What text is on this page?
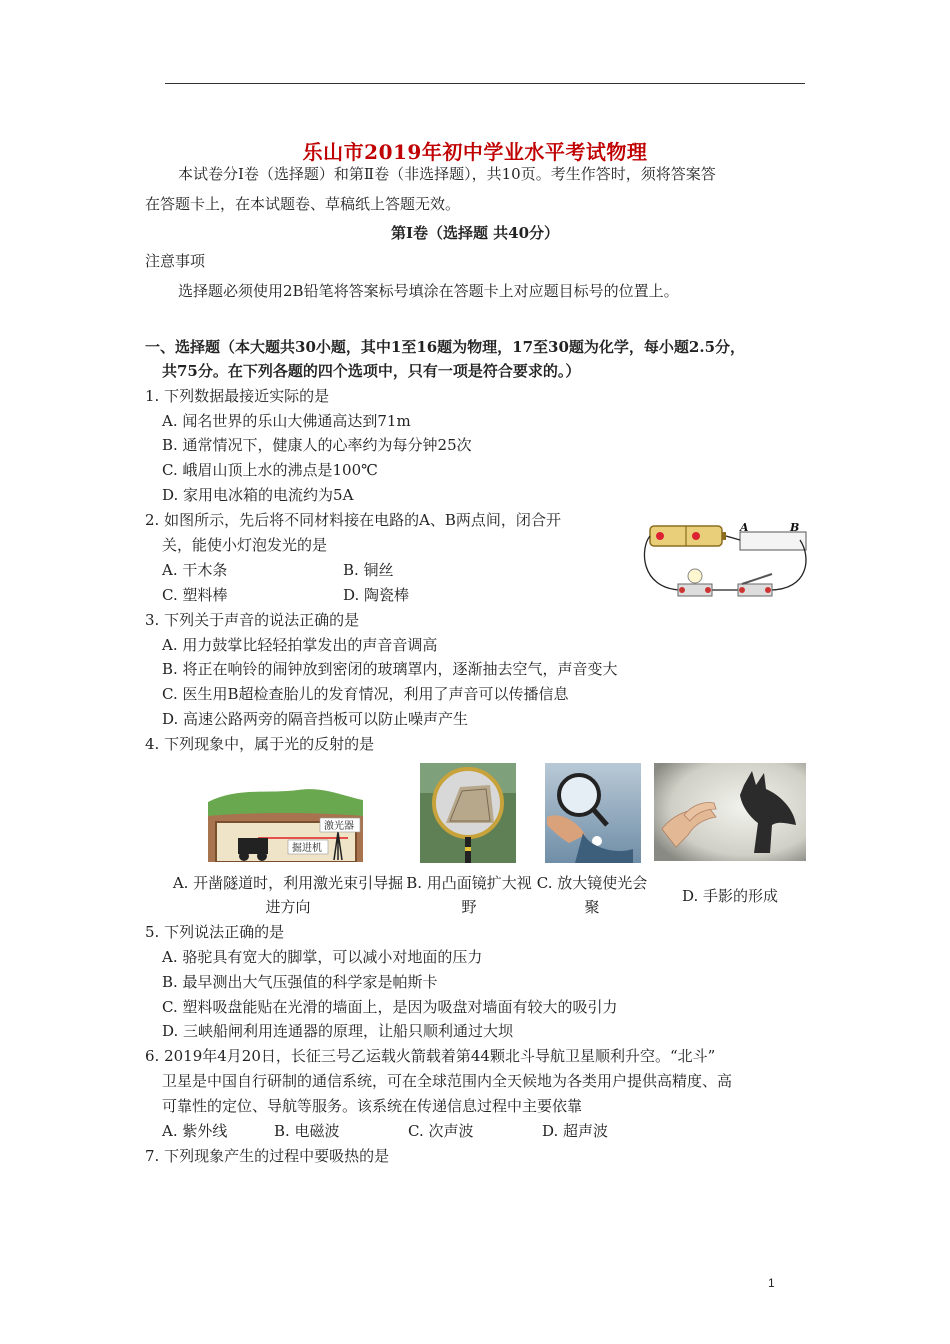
乐山市2019年初中学业水平考试物理
本试卷分Ⅰ卷（选择题）和第Ⅱ卷（非选择题），共10页。考生作答时，须将答案答
在答题卡上，在本试题卷、草稿纸上答题无效。
第Ⅰ卷（选择题 共40分）
注意事项
选择题必须使用2B铅笔将答案标号填涂在答题卡上对应题目标号的位置上。
一、选择题（本大题共30小题，其中1至16题为物理，17至30题为化学，每小题2.5分，
共75分。在下列各题的四个选项中，只有一项是符合要求的。）
1. 下列数据最接近实际的是
A. 闻名世界的乐山大佛通高达到71m
B. 通常情况下，健康人的心率约为每分钟25次
C. 峨眉山顶上水的沸点是100℃
D. 家用电冰箱的电流约为5A
2. 如图所示，先后将不同材料接在电路的A、B两点间，闭合开
关，能使小灯泡发光的是
A. 干木条	B. 铜丝
C. 塑料棒	D. 陶瓷棒
A	B
3. 下列关于声音的说法正确的是
A. 用力鼓掌比轻轻拍掌发出的声音音调高
B. 将正在响铃的闹钟放到密闭的玻璃罩内，逐渐抽去空气，声音变大
C. 医生用B超检查胎儿的发育情况，利用了声音可以传播信息
D. 高速公路两旁的隔音挡板可以防止噪声产生
4. 下列现象中，属于光的反射的是
激光器
掘进机
A. 开凿隧道时，利用激光束引导掘进方向
B. 用凸面镜扩大视野
C. 放大镜使光会聚
D. 手影的形成
5. 下列说法正确的是
A. 骆驼具有宽大的脚掌，可以减小对地面的压力
B. 最早测出大气压强值的科学家是帕斯卡
C. 塑料吸盘能贴在光滑的墙面上，是因为吸盘对墙面有较大的吸引力
D. 三峡船闸利用连通器的原理，让船只顺利通过大坝
6. 2019年4月20日，长征三号乙运载火箭载着第44颗北斗导航卫星顺利升空。“北斗”
卫星是中国自行研制的通信系统，可在全球范围内全天候地为各类用户提供高精度、高
可靠性的定位、导航等服务。该系统在传递信息过程中主要依靠
A. 紫外线	B. 电磁波	C. 次声波	D. 超声波
7. 下列现象产生的过程中要吸热的是
1
